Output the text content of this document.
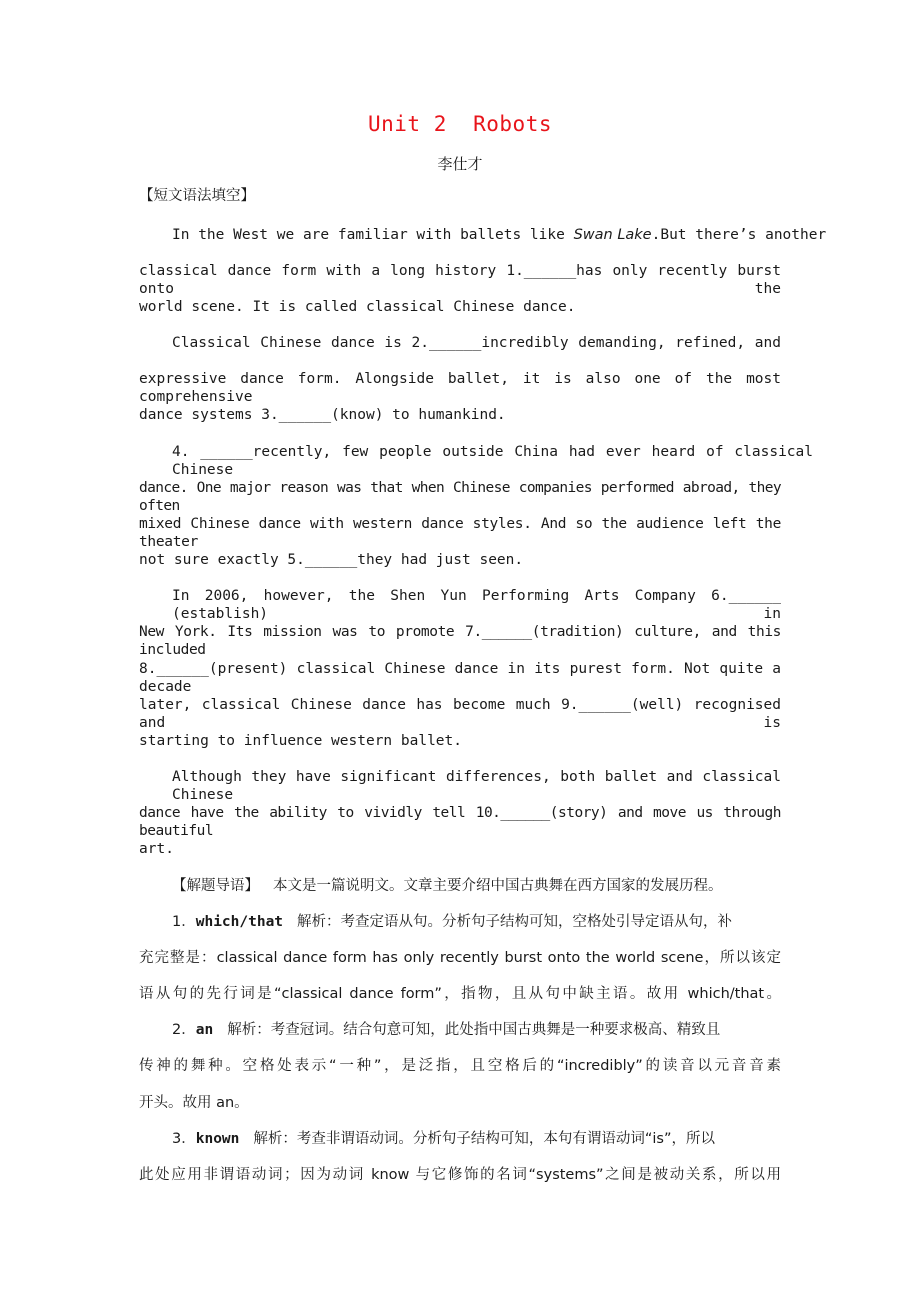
Unit 2  Robots
李仕才
【短文语法填空】
In the West we are familiar with ballets like Swan Lake.But there’s another
classical dance form with a long history 1.______has only recently burst onto the
world scene. It is called classical Chinese dance.
Classical Chinese dance is 2.______incredibly demanding, refined, and
expressive dance form. Alongside ballet, it is also one of the most comprehensive
dance systems 3.______(know) to humankind.
4. ______recently, few people outside China had ever heard of classical Chinese
dance. One major reason was that when Chinese companies performed abroad, they often
mixed Chinese dance with western dance styles. And so the audience left the theater
not sure exactly 5.______they had just seen.
In 2006, however, the Shen Yun Performing Arts Company 6.______ (establish) in
New York. Its mission was to promote 7.______(tradition) culture, and this included
8.______(present) classical Chinese dance in its purest form. Not quite a decade
later, classical Chinese dance has become much 9.______(well) recognised and is
starting to influence western ballet.
Although they have significant differences, both ballet and classical Chinese
dance have the ability to vividly tell 10.______(story) and move us through beautiful
art.
【解题导语】 本文是一篇说明文。文章主要介绍中国古典舞在西方国家的发展历程。
1．which/that 解析：考查定语从句。分析句子结构可知，空格处引导定语从句，补
充完整是：classical dance form has only recently burst onto the world scene，所以该定
语从句的先行词是“classical dance form”，指物，且从句中缺主语。故用 which/that。
2．an 解析：考查冠词。结合句意可知，此处指中国古典舞是一种要求极高、精致且
传神的舞种。空格处表示“一种”，是泛指，且空格后的“incredibly”的读音以元音音素
开头。故用 an。
3．known 解析：考查非谓语动词。分析句子结构可知，本句有谓语动词“is”，所以
此处应用非谓语动词；因为动词 know 与它修饰的名词“systems”之间是被动关系，所以用
